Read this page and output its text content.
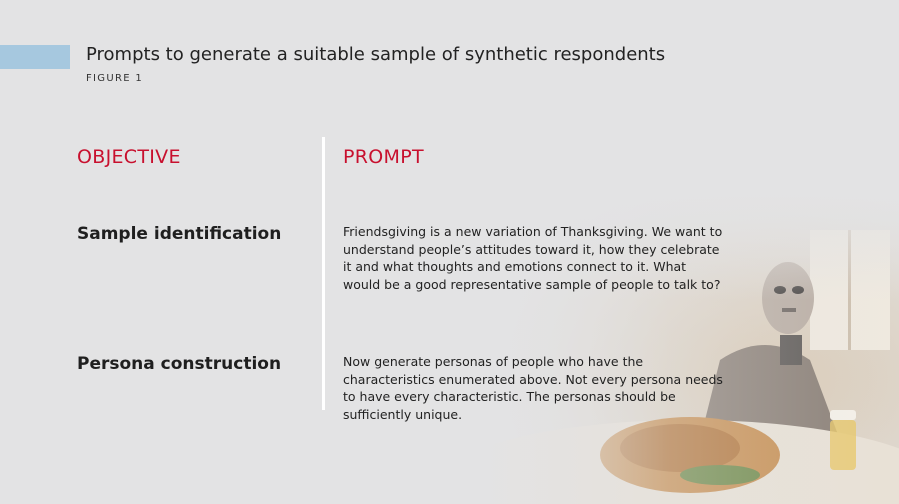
Prompts to generate a suitable sample of synthetic respondents
FIGURE 1
OBJECTIVE	PROMPT
Sample identification	Friendsgiving is a new variation of Thanksgiving. We want to understand people’s attitudes toward it, how they celebrate it and what thoughts and emotions connect to it. What would be a good representative sample of people to talk to?
Persona construction	Now generate personas of people who have the characteristics enumerated above. Not every persona needs to have every characteristic. The personas should be sufficiently unique.
